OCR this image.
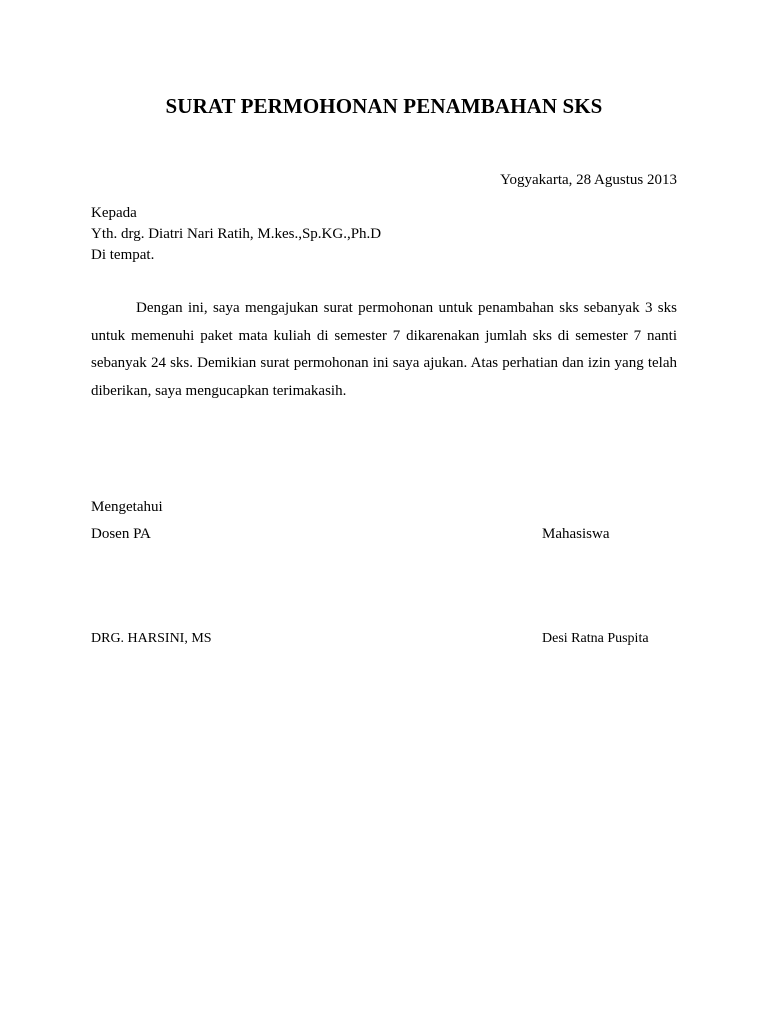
SURAT PERMOHONAN PENAMBAHAN SKS
Yogyakarta, 28 Agustus 2013
Kepada
Yth. drg. Diatri Nari Ratih, M.kes.,Sp.KG.,Ph.D
Di tempat.

Dengan ini, saya mengajukan surat permohonan untuk penambahan sks sebanyak 3 sks untuk memenuhi paket mata kuliah di semester 7 dikarenakan jumlah sks di semester 7 nanti sebanyak 24 sks. Demikian surat permohonan ini saya ajukan. Atas perhatian dan izin yang telah diberikan, saya mengucapkan terimakasih.

Mengetahui
Dosen PA	Mahasiswa
DRG. HARSINI, MS	Desi Ratna Puspita
